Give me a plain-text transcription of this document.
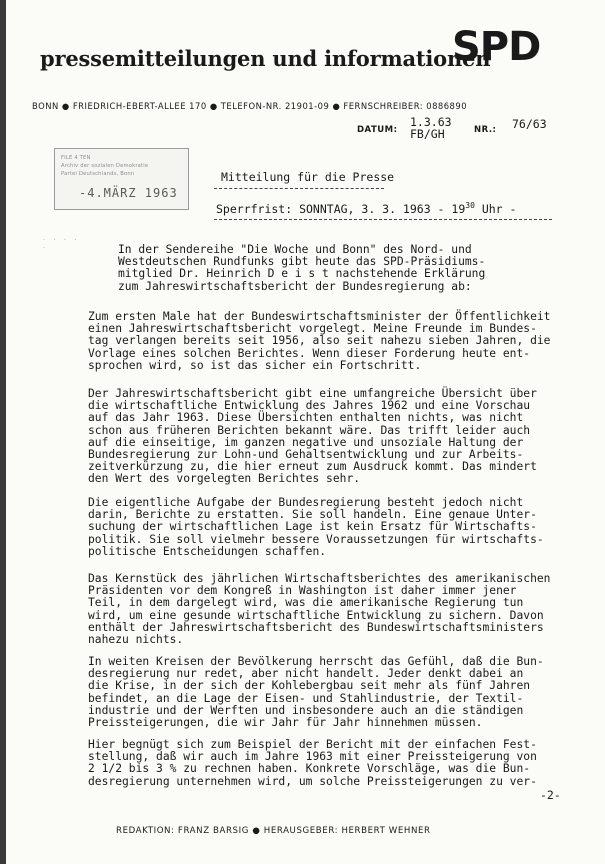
pressemitteilungen und informationen
SPD
BONN ● FRIEDRICH-EBERT-ALLEE 170 ● TELEFON-NR. 21901-09 ● FERNSCHREIBER: 0886890
DATUM:
1.3.63
FB/GH	NR.: 76/63
FILE 4 TEN
Archiv der sozialen Demokratie
Partei Deutschlands, Bonn
-4.MÄRZ 1963
Mitteilung für die Presse
Sperrfrist: SONNTAG, 3. 3. $1963 - 19^{30}$ Uhr -
· · · · ·	In der Sendereihe "Die Woche und Bonn" des Nord- und
Westdeutschen Rundfunks gibt heute das SPD-Präsidiums-
mitglied Dr. Heinrich D e i s t nachstehende Erklärung
zum Jahreswirtschaftsbericht der Bundesregierung ab:
Zum ersten Male hat der Bundeswirtschaftsminister der Öffentlichkeit
einen Jahreswirtschaftsbericht vorgelegt. Meine Freunde im Bundes-
tag verlangen bereits seit 1956, also seit nahezu sieben Jahren, die
Vorlage eines solchen Berichtes. Wenn dieser Forderung heute ent-
sprochen wird, so ist das sicher ein Fortschritt.
Der Jahreswirtschaftsbericht gibt eine umfangreiche Übersicht über
die wirtschaftliche Entwicklung des Jahres 1962 und eine Vorschau
auf das Jahr 1963. Diese Übersichten enthalten nichts, was nicht
schon aus früheren Berichten bekannt wäre. Das trifft leider auch
auf die einseitige, im ganzen negative und unsoziale Haltung der
Bundesregierung zur Lohn-und Gehaltsentwicklung und zur Arbeits-
zeitverkürzung zu, die hier erneut zum Ausdruck kommt. Das mindert
den Wert des vorgelegten Berichtes sehr.
Die eigentliche Aufgabe der Bundesregierung besteht jedoch nicht
darin, Berichte zu erstatten. Sie soll handeln. Eine genaue Unter-
suchung der wirtschaftlichen Lage ist kein Ersatz für Wirtschafts-
politik. Sie soll vielmehr bessere Voraussetzungen für wirtschafts-
politische Entscheidungen schaffen.
Das Kernstück des jährlichen Wirtschaftsberichtes des amerikanischen
Präsidenten vor dem Kongreß in Washington ist daher immer jener
Teil, in dem dargelegt wird, was die amerikanische Regierung tun
wird, um eine gesunde wirtschaftliche Entwicklung zu sichern. Davon
enthält der Jahreswirtschaftsbericht des Bundeswirtschaftsministers
nahezu nichts.
In weiten Kreisen der Bevölkerung herrscht das Gefühl, daß die Bun-
desregierung nur redet, aber nicht handelt. Jeder denkt dabei an
die Krise, in der sich der Kohlebergbau seit mehr als fünf Jahren
befindet, an die Lage der Eisen- und Stahlindustrie, der Textil-
industrie und der Werften und insbesondere auch an die ständigen
Preissteigerungen, die wir Jahr für Jahr hinnehmen müssen.
Hier begnügt sich zum Beispiel der Bericht mit der einfachen Fest-
stellung, daß wir auch im Jahre 1963 mit einer Preissteigerung von
2 1/2 bis 3 % zu rechnen haben. Konkrete Vorschläge, was die Bun-
desregierung unternehmen wird, um solche Preissteigerungen zu ver-
-2-
REDAKTION: FRANZ BARSIG ● HERAUSGEBER: HERBERT WEHNER
